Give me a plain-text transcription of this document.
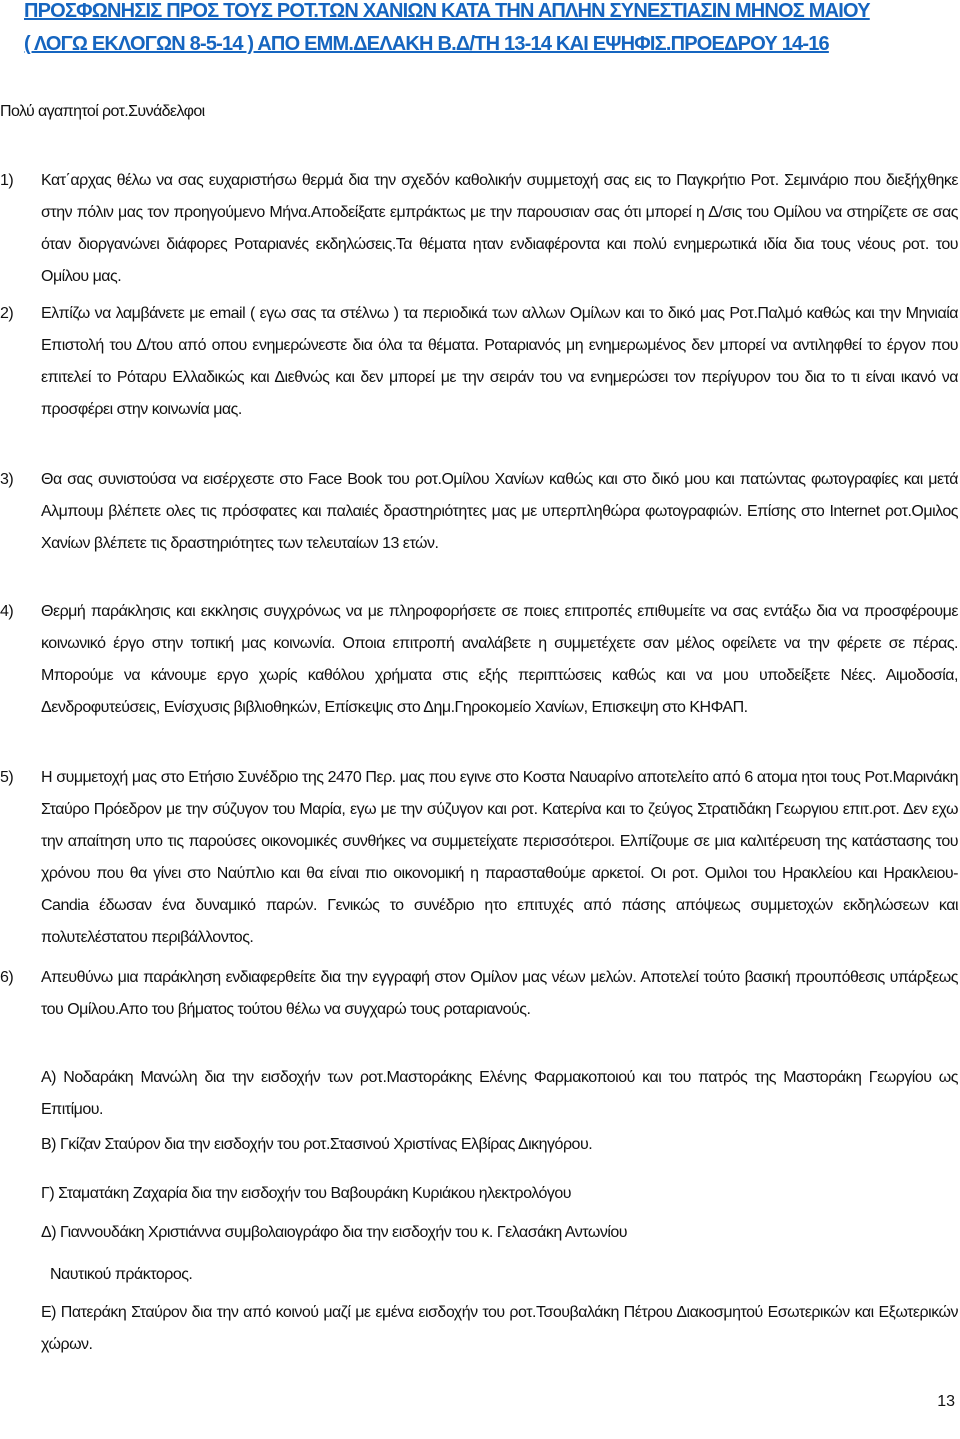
ΠΡΟΣΦΩΝΗΣΙΣ ΠΡΟΣ ΤΟΥΣ ΡΟΤ.ΤΩΝ ΧΑΝΙΩΝ ΚΑΤΑ ΤΗΝ ΑΠΛΗΝ ΣΥΝΕΣΤΙΑΣΙΝ ΜΗΝΟΣ ΜΑΙΟΥ

( ΛΟΓΩ ΕΚΛΟΓΩΝ 8-5-14 ) ΑΠΟ ΕΜΜ.ΔΕΛΑΚΗ Β.Δ/ΤΗ 13-14 ΚΑΙ ΕΨΗΦΙΣ.ΠΡΟΕΔΡΟΥ 14-16

Πολύ αγαπητοί ροτ.Συνάδελφοι

1) Κατ΄αρχας θέλω να σας ευχαριστήσω θερμά δια την σχεδόν καθολικήν συμμετοχή σας εις το Παγκρήτιο Ροτ. Σεμινάριο που διεξήχθηκε στην πόλιν μας τον προηγούμενο Μήνα.Αποδείξατε εμπράκτως με την παρουσιαν σας ότι μπορεί η Δ/σις του Ομίλου να στηρίζετε σε σας όταν διοργανώνει διάφορες Ροταριανές εκδηλώσεις.Τα θέματα ηταν ενδιαφέροντα και πολύ ενημερωτικά ιδία δια τους νέους ροτ. του Ομίλου μας.

2) Ελπίζω να λαμβάνετε με email ( εγω σας τα στέλνω ) τα περιοδικά των αλλων Ομίλων και το δικό μας Ροτ.Παλμό καθώς και την Μηνιαία Επιστολή του Δ/του από οπου ενημερώνεστε δια όλα τα θέματα. Ροταριανός μη ενημερωμένος δεν μπορεί να αντιληφθεί το έργον που επιτελεί το Ρόταρυ Ελλαδικώς και Διεθνώς και δεν μπορεί με την σειράν του να ενημερώσει τον περίγυρον του δια το τι είναι ικανό να προσφέρει στην κοινωνία μας.

3) Θα σας συνιστούσα να εισέρχεστε στο Face Book του ροτ.Ομίλου Χανίων καθώς και στο δικό μου και πατώντας φωτογραφίες και μετά Αλμπουμ βλέπετε ολες τις πρόσφατες και παλαιές δραστηριότητες μας με υπερπληθώρα φωτογραφιών. Επίσης στο Internet ροτ.Ομιλος Χανίων βλέπετε τις δραστηριότητες των τελευταίων 13 ετών.

4) Θερμή παράκλησις και εκκλησις συγχρόνως να με πληροφορήσετε σε ποιες επιτροπές επιθυμείτε να σας εντάξω δια να προσφέρουμε κοινωνικό έργο στην τοπική μας κοινωνία. Οποια επιτροπή αναλάβετε η συμμετέχετε σαν μέλος οφείλετε να την φέρετε σε πέρας. Μπορούμε να κάνουμε εργο χωρίς καθόλου χρήματα στις εξής περιπτώσεις καθώς και να μου υποδείξετε Νέες. Αιμοδοσία, Δενδροφυτεύσεις, Ενίσχυσις βιβλιοθηκών, Επίσκεψις στο Δημ.Γηροκομείο Χανίων, Επισκεψη στο ΚΗΦΑΠ.

5) Η συμμετοχή μας στο Ετήσιο Συνέδριο της 2470 Περ. μας που εγινε στο Κοστα Ναυαρίνο αποτελείτο από 6 ατομα ητοι τους Ροτ.Μαρινάκη Σταύρο Πρόεδρον με την σύζυγον του Μαρία, εγω με την σύζυγον και ροτ. Κατερίνα και το ζεύγος Στρατιδάκη Γεωργιου επιτ.ροτ. Δεν εχω την απαίτηση υπο τις παρούσες οικονομικές συνθήκες να συμμετείχατε περισσότεροι. Ελπίζουμε σε μια καλιτέρευση της κατάστασης του χρόνου που θα γίνει στο Ναύπλιο και θα είναι πιο οικονομική η παρασταθούμε αρκετοί. Οι ροτ. Ομιλοι του Ηρακλείου και Ηρακλειου-Candia έδωσαν ένα δυναμικό παρών. Γενικώς το συνέδριο ητο επιτυχές από πάσης απόψεως συμμετοχών εκδηλώσεων και πολυτελέστατου περιβάλλοντος.

6) Απευθύνω μια παράκληση ενδιαφερθείτε δια την εγγραφή στον Ομίλον μας νέων μελών. Αποτελεί τούτο βασική προυπόθεσις υπάρξεως του Ομίλου.Απο του βήματος τούτου θέλω να συγχαρώ τους ροταριανούς.

Α) Νοδαράκη Μανώλη δια την εισδοχήν των ροτ.Μαστοράκης Ελένης Φαρμακοποιού και του πατρός της Μαστοράκη Γεωργίου ως Επιτίμου.

Β) Γκίζαν Σταύρον δια την εισδοχήν του ροτ.Στασινού Χριστίνας Ελβίρας Δικηγόρου.

Γ) Σταματάκη Ζαχαρία δια την εισδοχήν του Βαβουράκη Κυριάκου ηλεκτρολόγου

Δ) Γιαννουδάκη Χριστιάννα συμβολαιογράφο δια την εισδοχήν του κ. Γελασάκη Αντωνίου

Ναυτικού πράκτορος.

Ε) Πατεράκη Σταύρον δια την από κοινού μαζί με εμένα εισδοχήν του ροτ.Τσουβαλάκη Πέτρου Διακοσμητού Εσωτερικών και Εξωτερικών χώρων.

13
